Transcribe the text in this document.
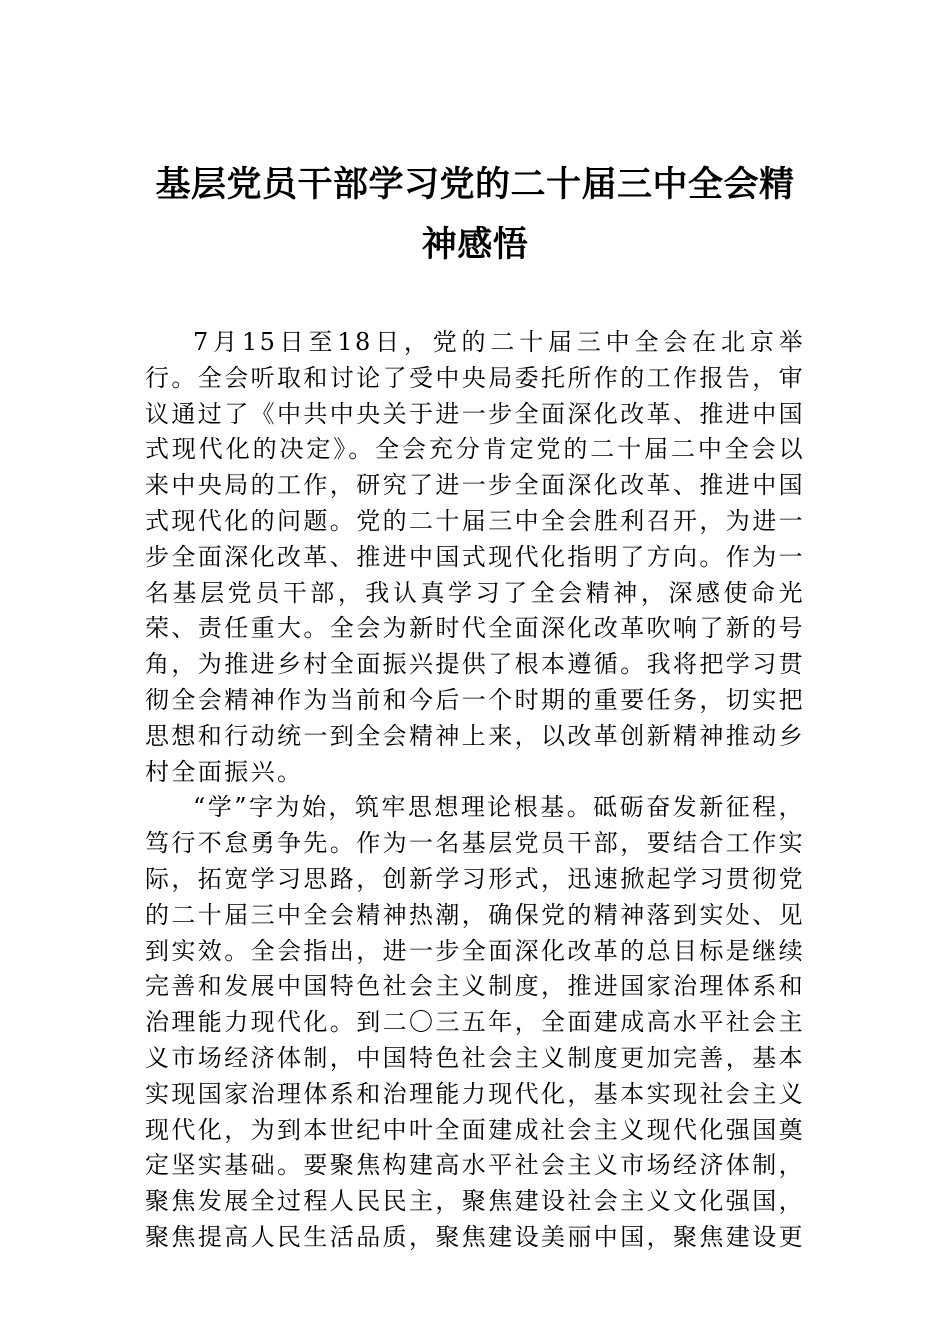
基层党员干部学习党的二十届三中全会精神感悟

7月15日至18日，党的二十届三中全会在北京举行。全会听取和讨论了受中央局委托所作的工作报告，审议通过了《中共中央关于进一步全面深化改革、推进中国式现代化的决定》。全会充分肯定党的二十届二中全会以来中央局的工作，研究了进一步全面深化改革、推进中国式现代化的问题。党的二十届三中全会胜利召开，为进一步全面深化改革、推进中国式现代化指明了方向。作为一名基层党员干部，我认真学习了全会精神，深感使命光荣、责任重大。全会为新时代全面深化改革吹响了新的号角，为推进乡村全面振兴提供了根本遵循。我将把学习贯彻全会精神作为当前和今后一个时期的重要任务，切实把思想和行动统一到全会精神上来，以改革创新精神推动乡村全面振兴。

“学”字为始，筑牢思想理论根基。砥砺奋发新征程，笃行不怠勇争先。作为一名基层党员干部，要结合工作实际，拓宽学习思路，创新学习形式，迅速掀起学习贯彻党的二十届三中全会精神热潮，确保党的精神落到实处、见到实效。全会指出，进一步全面深化改革的总目标是继续完善和发展中国特色社会主义制度，推进国家治理体系和治理能力现代化。到二〇三五年，全面建成高水平社会主义市场经济体制，中国特色社会主义制度更加完善，基本实现国家治理体系和治理能力现代化，基本实现社会主义现代化，为到本世纪中叶全面建成社会主义现代化强国奠定坚实基础。要聚焦构建高水平社会主义市场经济体制，聚焦发展全过程人民民主，聚焦建设社会主义文化强国，聚焦提高人民生活品质，聚焦建设美丽中国，聚焦建设更
